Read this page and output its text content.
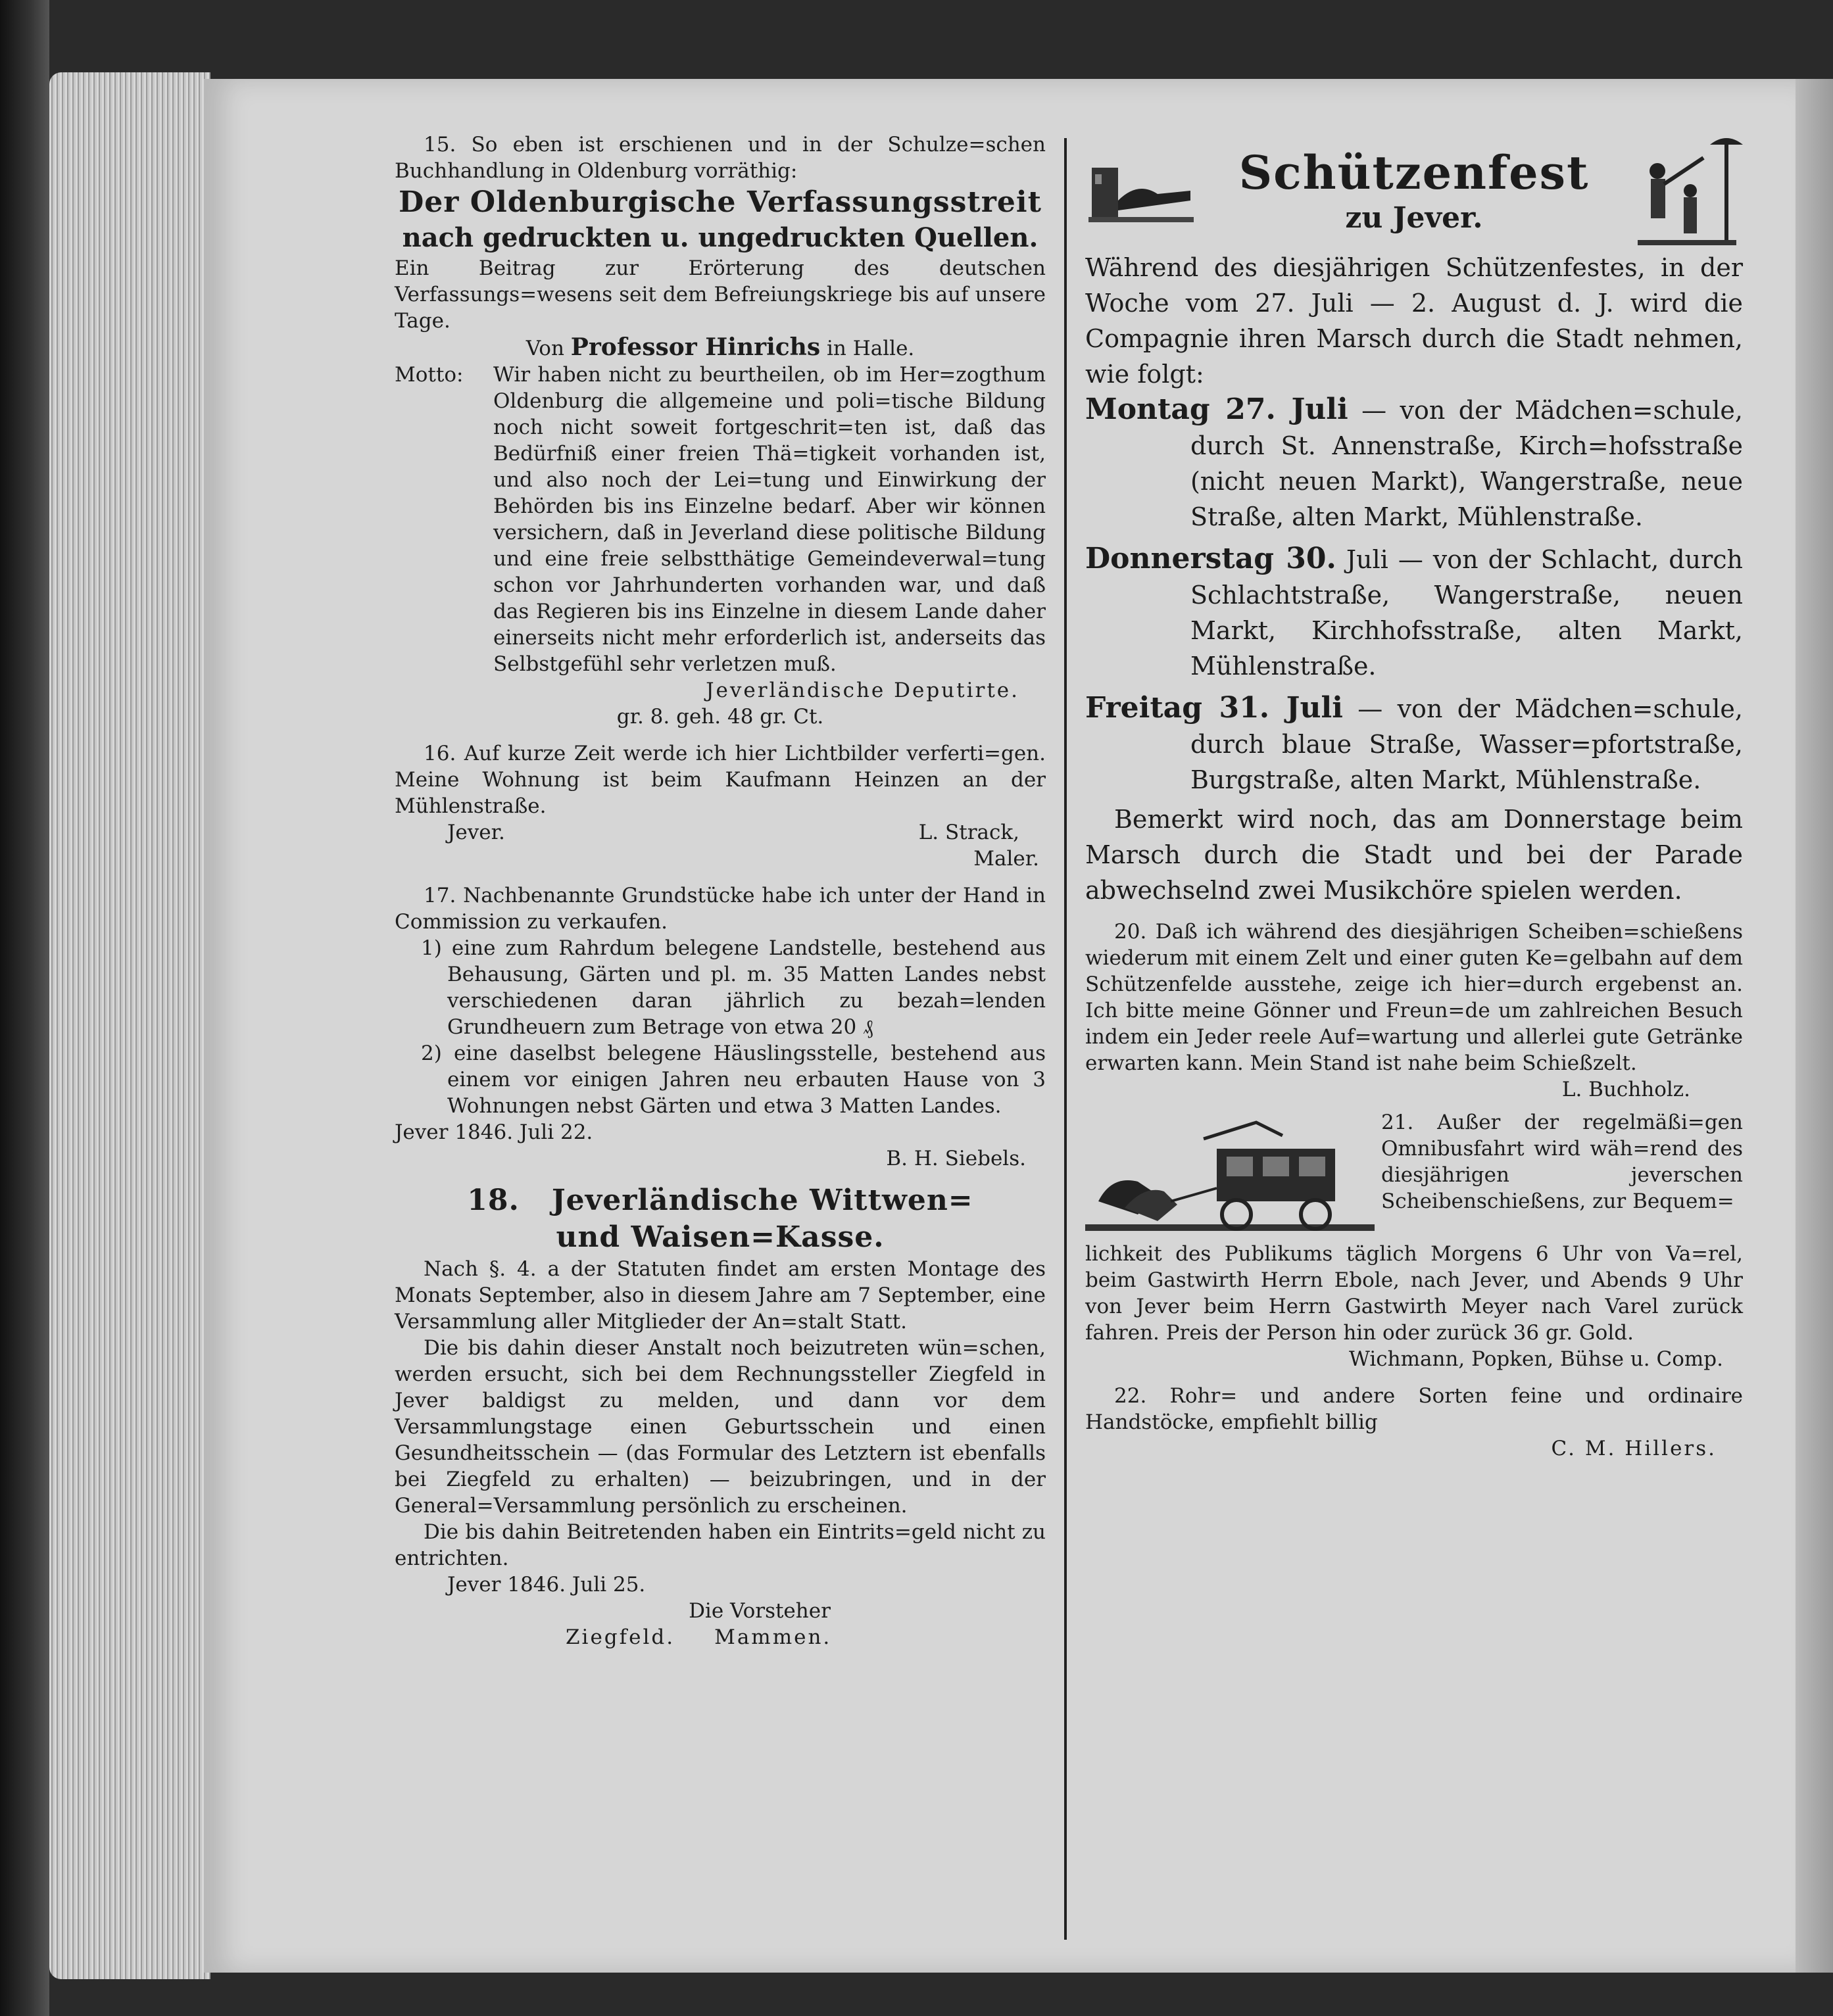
15. So eben ist erschienen und in der Schulze=schen Buchhandlung in Oldenburg vorräthig:

Der Oldenburgische Verfassungsstreit

nach gedruckten u. ungedruckten Quellen.

Ein Beitrag zur Erörterung des deutschen Verfassungs=wesens seit dem Befreiungskriege bis auf unsere Tage.

Von Professor Hinrichs in Halle.

Motto:	Wir haben nicht zu beurtheilen, ob im Her=zogthum Oldenburg die allgemeine und poli=tische Bildung noch nicht soweit fortgeschrit=ten ist, daß das Bedürfniß einer freien Thä=tigkeit vorhanden ist, und also noch der Lei=tung und Einwirkung der Behörden bis ins Einzelne bedarf. Aber wir können versichern, daß in Jeverland diese politische Bildung und eine freie selbstthätige Gemeindeverwal=tung schon vor Jahrhunderten vorhanden war, und daß das Regieren bis ins Einzelne in diesem Lande daher einerseits nicht mehr erforderlich ist, anderseits das Selbstgefühl sehr verletzen muß.

Jeverländische Deputirte.

gr. 8. geh. 48 gr. Ct.

16. Auf kurze Zeit werde ich hier Lichtbilder verferti=gen. Meine Wohnung ist beim Kaufmann Heinzen an der Mühlenstraße.

Jever.	L. Strack,

Maler.

17. Nachbenannte Grundstücke habe ich unter der Hand in Commission zu verkaufen.

1) eine zum Rahrdum belegene Landstelle, bestehend aus Behausung, Gärten und pl. m. 35 Matten Landes nebst verschiedenen daran jährlich zu bezah=lenden Grundheuern zum Betrage von etwa 20 ₰

2) eine daselbst belegene Häuslingsstelle, bestehend aus einem vor einigen Jahren neu erbauten Hause von 3 Wohnungen nebst Gärten und etwa 3 Matten Landes.

Jever 1846. Juli 22.

B. H. Siebels.

18. Jeverländische Wittwen=

und Waisen=Kasse.

Nach §. 4. a der Statuten findet am ersten Montage des Monats September, also in diesem Jahre am 7 September, eine Versammlung aller Mitglieder der An=stalt Statt.

Die bis dahin dieser Anstalt noch beizutreten wün=schen, werden ersucht, sich bei dem Rechnungssteller Ziegfeld in Jever baldigst zu melden, und dann vor dem Versammlungstage einen Geburtsschein und einen Gesundheitsschein — (das Formular des Letztern ist ebenfalls bei Ziegfeld zu erhalten) — beizubringen, und in der General=Versammlung persönlich zu erscheinen.

Die bis dahin Beitretenden haben ein Eintrits=geld nicht zu entrichten.

Jever 1846. Juli 25.

Die Vorsteher

Ziegfeld. Mammen.

Schützenfest

zu Jever.

Während des diesjährigen Schützenfestes, in der Woche vom 27. Juli — 2. August d. J. wird die Compagnie ihren Marsch durch die Stadt nehmen, wie folgt:

Montag 27. Juli — von der Mädchen=schule, durch St. Annenstraße, Kirch=hofsstraße (nicht neuen Markt), Wangerstraße, neue Straße, alten Markt, Mühlenstraße.

Donnerstag 30. Juli — von der Schlacht, durch Schlachtstraße, Wangerstraße, neuen Markt, Kirchhofsstraße, alten Markt, Mühlenstraße.

Freitag 31. Juli — von der Mädchen=schule, durch blaue Straße, Wasser=pfortstraße, Burgstraße, alten Markt, Mühlenstraße.

Bemerkt wird noch, das am Donnerstage beim Marsch durch die Stadt und bei der Parade abwechselnd zwei Musikchöre spielen werden.

20. Daß ich während des diesjährigen Scheiben=schießens wiederum mit einem Zelt und einer guten Ke=gelbahn auf dem Schützenfelde ausstehe, zeige ich hier=durch ergebenst an. Ich bitte meine Gönner und Freun=de um zahlreichen Besuch indem ein Jeder reele Auf=wartung und allerlei gute Getränke erwarten kann. Mein Stand ist nahe beim Schießzelt.

L. Buchholz.

21. Außer der regelmäßi=gen Omnibusfahrt wird wäh=rend des diesjährigen jeverschen Scheibenschießens, zur Bequem=

lichkeit des Publikums täglich Morgens 6 Uhr von Va=rel, beim Gastwirth Herrn Ebole, nach Jever, und Abends 9 Uhr von Jever beim Herrn Gastwirth Meyer nach Varel zurück fahren. Preis der Person hin oder zurück 36 gr. Gold.

Wichmann, Popken, Bühse u. Comp.

22. Rohr= und andere Sorten feine und ordinaire Handstöcke, empfiehlt billig

C. M. Hillers.
